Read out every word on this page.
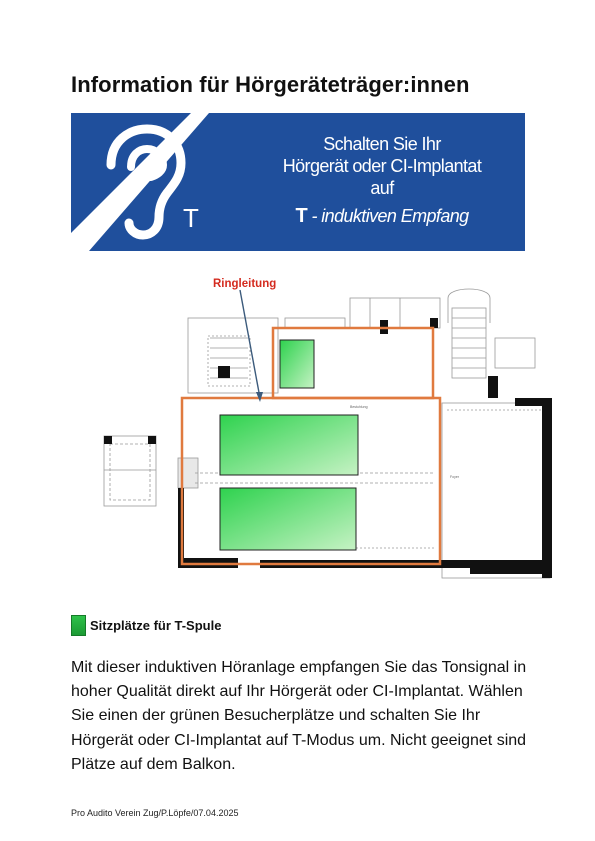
Information für Hörgeräteträger:innen
T
Schalten Sie Ihr
Hörgerät oder CI-Implantat
auf
T - induktiven Empfang
Ringleitung
Bestuhlung
Foyer
Sitzplätze für T-Spule
Mit dieser induktiven Höranlage empfangen Sie das Tonsignal in hoher Qualität direkt auf Ihr Hörgerät oder CI-Implantat. Wählen Sie einen der grünen Besucherplätze und schalten Sie Ihr Hörgerät oder CI-Implantat auf T-Modus um. Nicht geeignet sind Plätze auf dem Balkon.
Pro Audito Verein Zug/P.Löpfe/07.04.2025
